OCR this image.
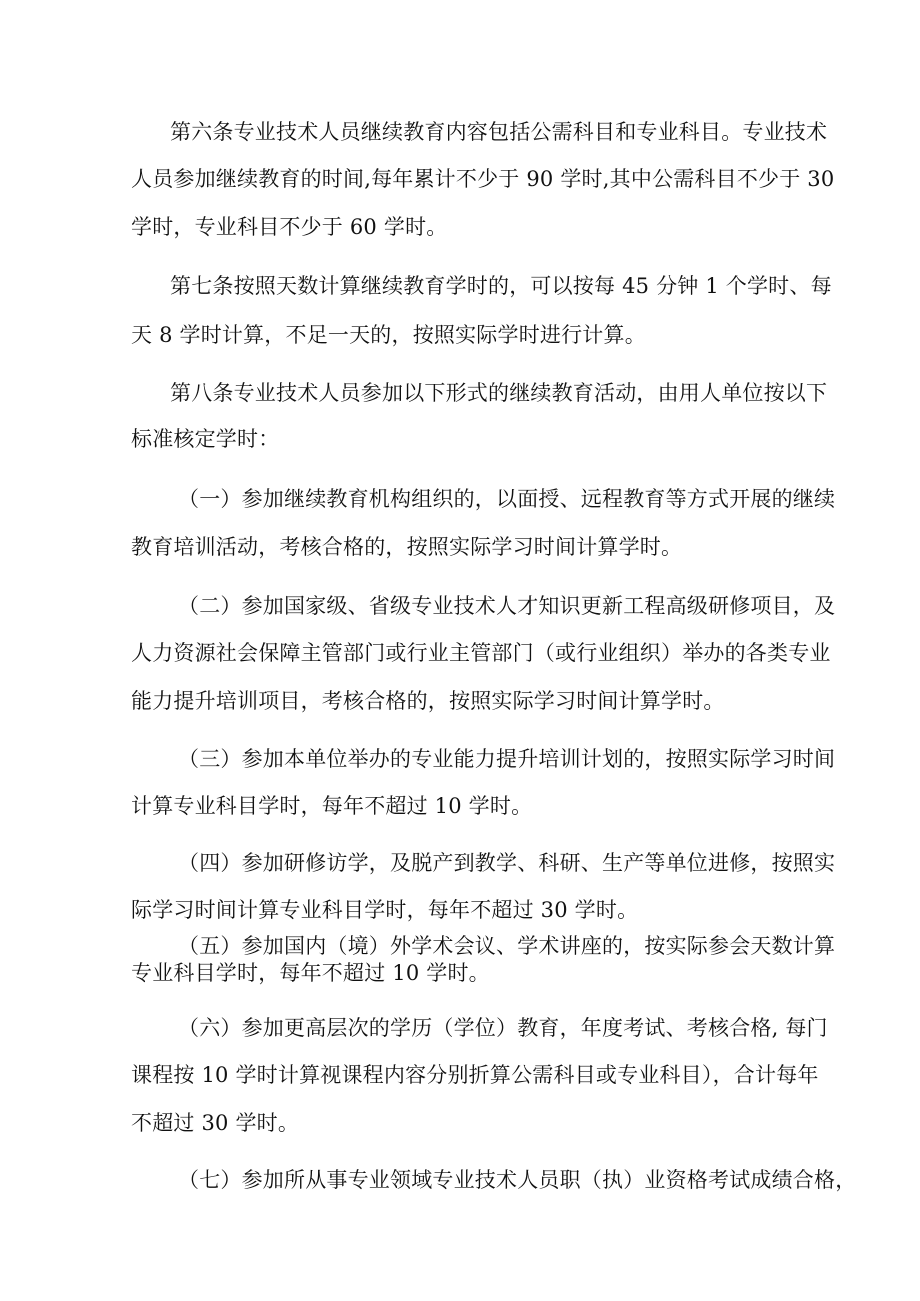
第六条专业技术人员继续教育内容包括公需科目和专业科目。专业技术

人员参加继续教育的时间,每年累计不少于 90 学时,其中公需科目不少于 30

学时，专业科目不少于 60 学时。

第七条按照天数计算继续教育学时的，可以按每 45 分钟 1 个学时、每

天 8 学时计算，不足一天的，按照实际学时进行计算。

第八条专业技术人员参加以下形式的继续教育活动，由用人单位按以下

标准核定学时：

（一）参加继续教育机构组织的，以面授、远程教育等方式开展的继续

教育培训活动，考核合格的，按照实际学习时间计算学时。

（二）参加国家级、省级专业技术人才知识更新工程高级研修项目，及

人力资源社会保障主管部门或行业主管部门（或行业组织）举办的各类专业

能力提升培训项目，考核合格的，按照实际学习时间计算学时。

（三）参加本单位举办的专业能力提升培训计划的，按照实际学习时间

计算专业科目学时，每年不超过 10 学时。

（四）参加研修访学，及脱产到教学、科研、生产等单位进修，按照实

际学习时间计算专业科目学时，每年不超过 30 学时。

（五）参加国内（境）外学术会议、学术讲座的，按实际参会天数计算

专业科目学时，每年不超过 10 学时。

（六）参加更高层次的学历（学位）教育，年度考试、考核合格, 每门

课程按 10 学时计算视课程内容分别折算公需科目或专业科目），合计每年

不超过 30 学时。

（七）参加所从事专业领域专业技术人员职（执）业资格考试成绩合格，
